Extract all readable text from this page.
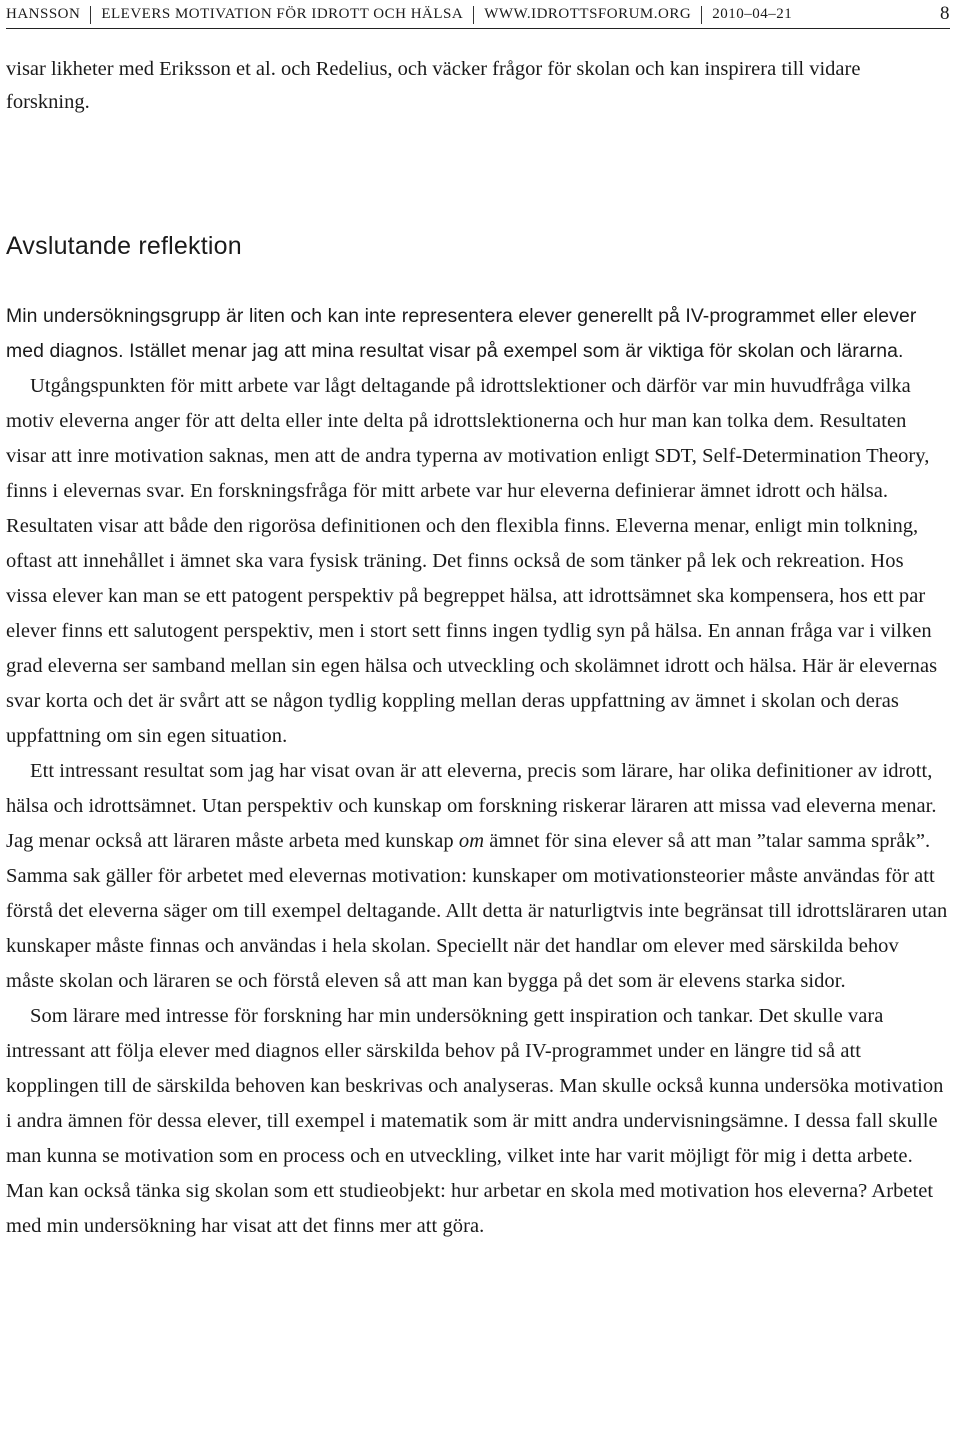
HANSSON ELEVERS MOTIVATION FÖR IDROTT OCH HÄLSA WWW.IDROTTSFORUM.ORG 2010–04–21	8

visar likheter med Eriksson et al. och Redelius, och väcker frågor för skolan och kan inspirera till vidare forskning.

Avslutande reflektion

Min undersökningsgrupp är liten och kan inte representera elever generellt på IV-programmet eller elever med diagnos. Istället menar jag att mina resultat visar på exempel som är viktiga för skolan och lärarna.

Utgångspunkten för mitt arbete var lågt deltagande på idrottslektioner och därför var min huvudfråga vilka motiv eleverna anger för att delta eller inte delta på idrottslektionerna och hur man kan tolka dem. Resultaten visar att inre motivation saknas, men att de andra typerna av motivation enligt SDT, Self-Determination Theory, finns i elevernas svar. En forskningsfråga för mitt arbete var hur eleverna definierar ämnet idrott och hälsa. Resultaten visar att både den rigorösa definitionen och den flexibla finns. Eleverna menar, enligt min tolkning, oftast att innehållet i ämnet ska vara fysisk träning. Det finns också de som tänker på lek och rekreation. Hos vissa elever kan man se ett patogent perspektiv på begreppet hälsa, att idrottsämnet ska kompensera, hos ett par elever finns ett salutogent perspektiv, men i stort sett finns ingen tydlig syn på hälsa. En annan fråga var i vilken grad eleverna ser samband mellan sin egen hälsa och utveckling och skolämnet idrott och hälsa. Här är elevernas svar korta och det är svårt att se någon tydlig koppling mellan deras uppfattning av ämnet i skolan och deras uppfattning om sin egen situation.

Ett intressant resultat som jag har visat ovan är att eleverna, precis som lärare, har olika definitioner av idrott, hälsa och idrottsämnet. Utan perspektiv och kunskap om forskning riskerar läraren att missa vad eleverna menar. Jag menar också att läraren måste arbeta med kunskap om ämnet för sina elever så att man ”talar samma språk”. Samma sak gäller för arbetet med elevernas motivation: kunskaper om motivationsteorier måste användas för att förstå det eleverna säger om till exempel deltagande. Allt detta är naturligtvis inte begränsat till idrottsläraren utan kunskaper måste finnas och användas i hela skolan. Speciellt när det handlar om elever med särskilda behov måste skolan och läraren se och förstå eleven så att man kan bygga på det som är elevens starka sidor.

Som lärare med intresse för forskning har min undersökning gett inspiration och tankar. Det skulle vara intressant att följa elever med diagnos eller särskilda behov på IV-programmet under en längre tid så att kopplingen till de särskilda behoven kan beskrivas och analyseras. Man skulle också kunna undersöka motivation i andra ämnen för dessa elever, till exempel i matematik som är mitt andra undervisningsämne. I dessa fall skulle man kunna se motivation som en process och en utveckling, vilket inte har varit möjligt för mig i detta arbete. Man kan också tänka sig skolan som ett studieobjekt: hur arbetar en skola med motivation hos eleverna? Arbetet med min undersökning har visat att det finns mer att göra.
